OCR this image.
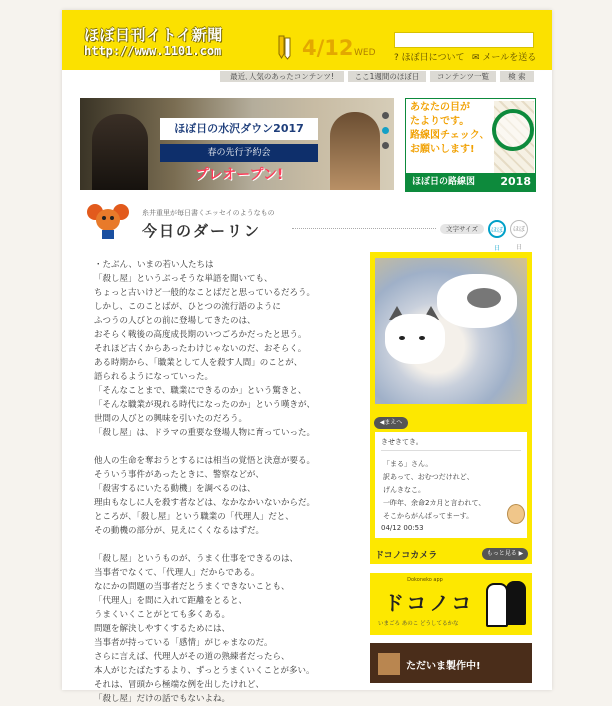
ほぼ日刊イトイ新聞
http://www.1101.com	4/12 WED ? ほぼ日について ✉ メールを送る
最近､人気のあったコンテンツ!	ここ1週間のほぼ日	コンテンツ一覧	検 索
ほぼ日の水沢ダウン2017
春の先行予約会
プレオープン!
あなたの目が
たよりです。
路線図チェック､
お願いします!
ほぼ日の路線図 2018
糸井重里が毎日書くエッセイのようなもの
今日のダーリン	文字サイズ	ほぼ日
ほぼ日

・たぶん、いまの若い人たちは

「殺し屋」というぶっそうな単語を聞いても、

ちょっと古いけど一般的なことばだと思っているだろう。

しかし、このことばが、ひとつの流行語のように

ふつうの人びとの前に登場してきたのは、

おそらく戦後の高度成長期のいつごろかだったと思う。

それほど古くからあったわけじゃないのだ、おそらく。

ある時期から、「職業として人を殺す人間」のことが、

語られるようになっていった。

「そんなことまで、職業にできるのか」という驚きと、

「そんな職業が現れる時代になったのか」という嘆きが、

世間の人びとの興味を引いたのだろう。

「殺し屋」は、ドラマの重要な登場人物に育っていった。

他人の生命を奪おうとするには相当の覚悟と決意が要る。

そういう事件があったときに、警察などが、

「殺害するにいたる動機」を調べるのは、

理由もなしに人を殺す者などは、なかなかいないからだ。

ところが、「殺し屋」という職業の「代理人」だと、

その動機の部分が、見えにくくなるはずだ。

「殺し屋」というものが、うまく仕事をできるのは、

当事者でなくて、「代理人」だからである。

なにかの問題の当事者だとうまくできないことも、

「代理人」を間に入れて距離をとると、

うまくいくことがとても多くある。

問題を解決しやすくするためには、

当事者が持っている「感情」がじゃまなのだ。

さらに言えば、代理人がその道の熟練者だったら、

本人がじたばたするより、ずっとうまくいくことが多い。

それは、冒頭から極端な例を出したけれど、

「殺し屋」だけの話でもないよね。

◀まえへ
きせきてき。
「まる」さん。
訳あって、おむつだけれど、
げんきなこ。
一昨年、余命2カ月と言われて、
そこからがんばってまーす。
04/12 00:53
ドコノコカメラ	もっと見る ▶
Dokoneko app
ドコノコ
いまごろ あのこ どうしてるかな
ただいま製作中!
